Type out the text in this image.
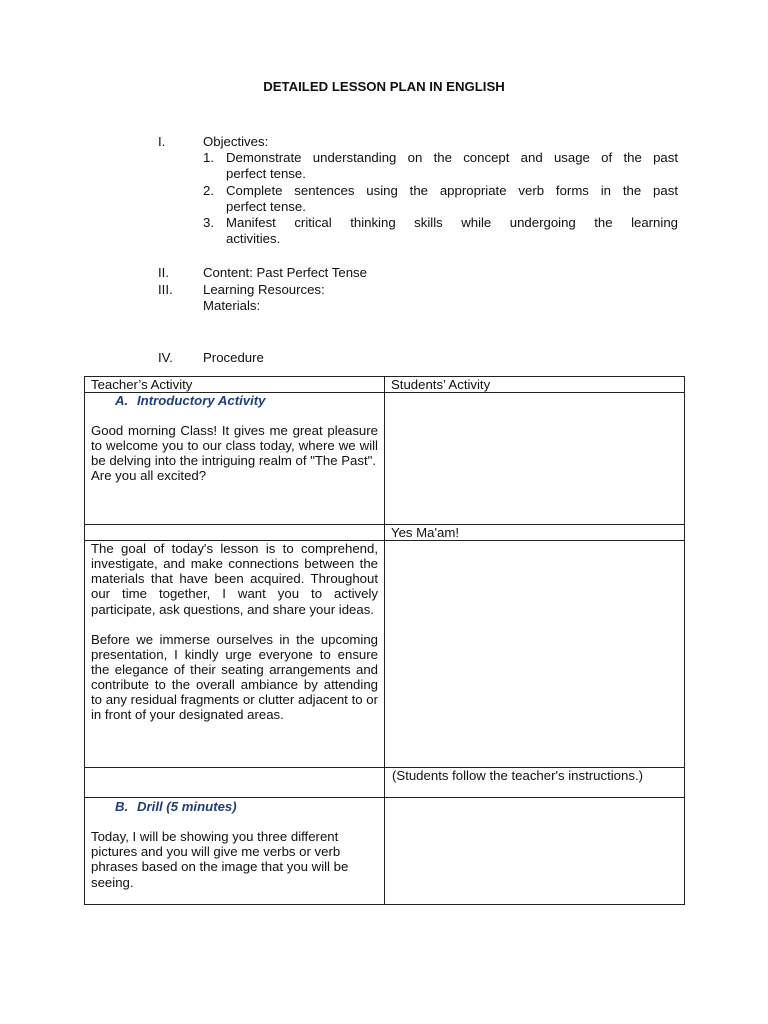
DETAILED LESSON PLAN IN ENGLISH
I.	Objectives:
1. Demonstrate understanding on the concept and usage of the past
perfect tense.
2. Complete sentences using the appropriate verb forms in the past
perfect tense.
3. Manifest critical thinking skills while undergoing the learning
activities.
II.	Content: Past Perfect Tense
III. Learning Resources:
Materials:
IV. Procedure
Teacher’s Activity	Students’ Activity

A. Introductory Activity
Good morning Class! It gives me great pleasure to welcome you to our class today, where we will be delving into the intriguing realm of "The Past".
Are you all excited?	

	Yes Ma'am!

The goal of today's lesson is to comprehend, investigate, and make connections between the materials that have been acquired. Throughout our time together, I want you to actively participate, ask questions, and share your ideas.
Before we immerse ourselves in the upcoming presentation, I kindly urge everyone to ensure the elegance of their seating arrangements and contribute to the overall ambiance by attending to any residual fragments or clutter adjacent to or in front of your designated areas.	

	(Students follow the teacher's instructions.)

B. Drill (5 minutes)
Today, I will be showing you three different pictures and you will give me verbs or verb phrases based on the image that you will be seeing.	
